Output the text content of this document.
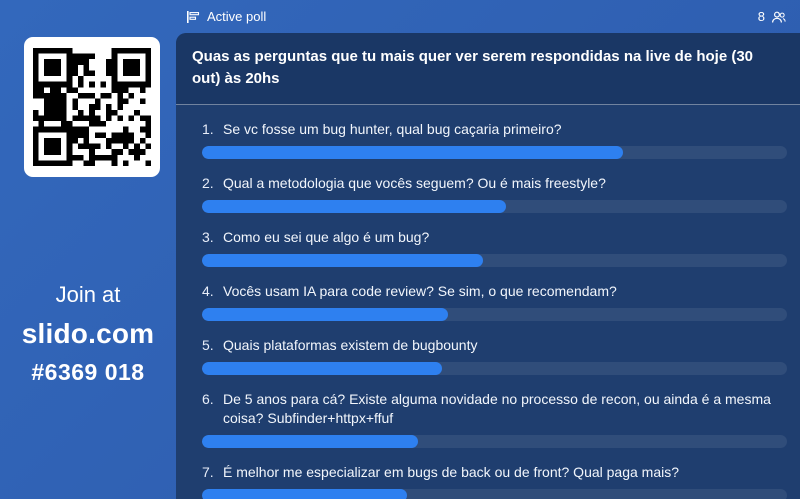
Active poll	8
Join at
slido.com
#6369 018
Quas as perguntas que tu mais quer ver serem respondidas na live de hoje (30 out) às 20hs
1. Se vc fosse um bug hunter, qual bug caçaria primeiro?
2. Qual a metodologia que vocês seguem? Ou é mais freestyle?
3. Como eu sei que algo é um bug?
4. Vocês usam IA para code review? Se sim, o que recomendam?
5. Quais plataformas existem de bugbounty
6. De 5 anos para cá? Existe alguma novidade no processo de recon, ou ainda é a mesma coisa? Subfinder+httpx+ffuf
7. É melhor me especializar em bugs de back ou de front? Qual paga mais?
